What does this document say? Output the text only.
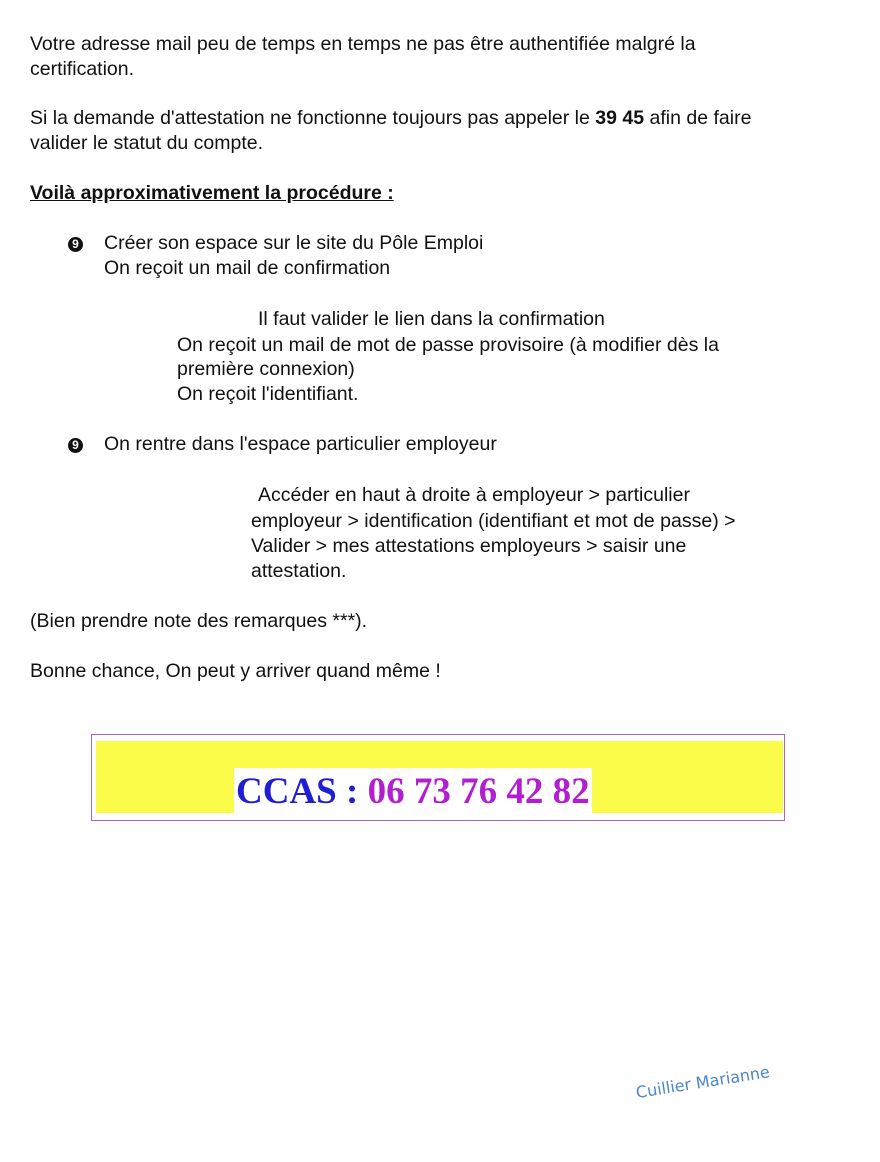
Votre adresse mail peu de temps en temps ne pas être authentifiée malgré la

certification.

Si la demande d'attestation ne fonctionne toujours pas appeler le 39 45 afin de faire

valider le statut du compte.

Voilà approximativement la procédure :

9 Créer son espace sur le site du Pôle Emploi

On reçoit un mail de confirmation

Il faut valider le lien dans la confirmation

On reçoit un mail de mot de passe provisoire (à modifier dès la

première connexion)

On reçoit l'identifiant.

9 On rentre dans l'espace particulier employeur

Accéder en haut à droite à employeur > particulier

employeur > identification (identifiant et mot de passe) >

Valider > mes attestations employeurs > saisir une

attestation.

(Bien prendre note des remarques ***).

Bonne chance, On peut y arriver quand même !

CCAS : 06 73 76 42 82
Cuillier Marianne
